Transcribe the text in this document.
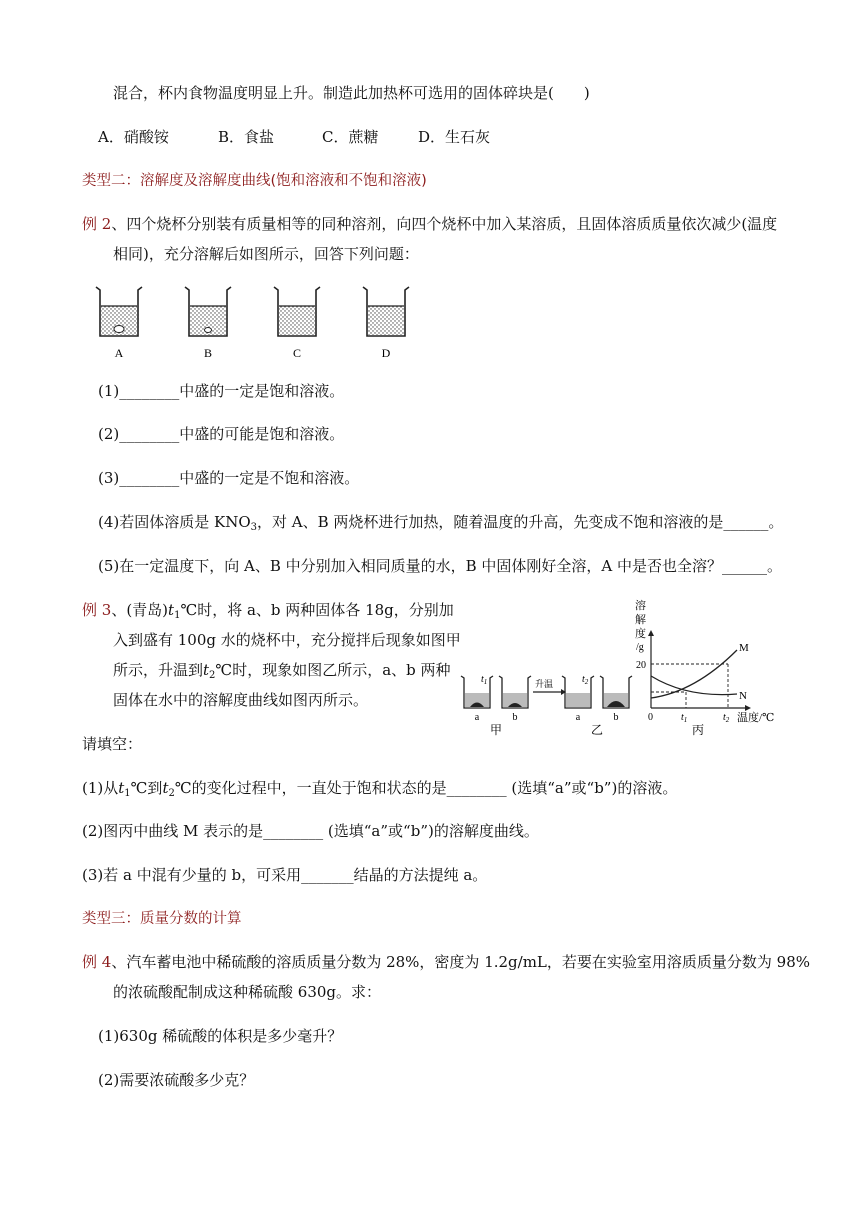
混合，杯内食物温度明显上升。制造此加热杯可选用的固体碎块是(　　)
A．硝酸铵	B．食盐	C．蔗糖	D．生石灰
类型二：溶解度及溶解度曲线(饱和溶液和不饱和溶液)
例 2、四个烧杯分别装有质量相等的同种溶剂，向四个烧杯中加入某溶质，且固体溶质质量依次减少(温度
相同)，充分溶解后如图所示，回答下列问题：
A	B	C	D
(1)________中盛的一定是饱和溶液。
(2)________中盛的可能是饱和溶液。
(3)________中盛的一定是不饱和溶液。
(4)若固体溶质是 $KNO_3$，对 A、B 两烧杯进行加热，随着温度的升高，先变成不饱和溶液的是______。
(5)在一定温度下，向 A、B 中分别加入相同质量的水，B 中固体刚好全溶，A 中是否也全溶？______。
例 3、(青岛)$t_1℃$时，将 a、b 两种固体各 18g，分别加
入到盛有 100g 水的烧杯中，充分搅拌后现象如图甲
所示，升温到$t_2℃$时，现象如图乙所示，a、b 两种
固体在水中的溶解度曲线如图丙所示。
$t_1$	升温	$t_2$
a	b	a	b
甲	乙	丙
溶
解
度
/g
20
0
M
N
$t_1$	$t_2$ 温度/℃
请填空：
(1)从$t_1℃$到$t_2℃$的变化过程中，一直处于饱和状态的是________ (选填“a”或“b”)的溶液。
(2)图丙中曲线 M 表示的是________ (选填“a”或“b”)的溶解度曲线。
(3)若 a 中混有少量的 b，可采用_______结晶的方法提纯 a。
类型三：质量分数的计算
例 4、汽车蓄电池中稀硫酸的溶质质量分数为 28%，密度为 1.2g/mL，若要在实验室用溶质质量分数为 98%
的浓硫酸配制成这种稀硫酸 630g。求：
(1)630g 稀硫酸的体积是多少毫升？
(2)需要浓硫酸多少克？
